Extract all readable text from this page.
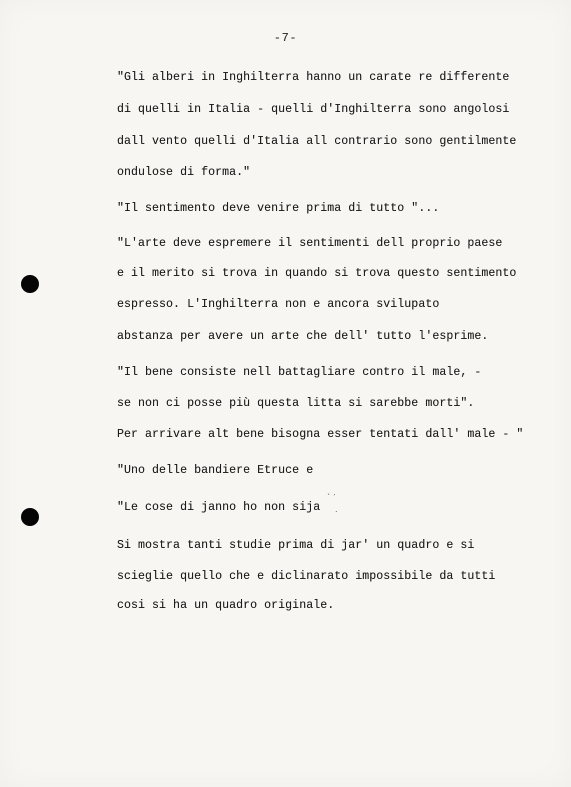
-7-
"Gli alberi in Inghilterra hanno un carate re differente
di quelli in Italia - quelli d'Inghilterra sono angolosi
dall vento quelli d'Italia all contrario sono gentilmente
ondulose di forma."
"Il sentimento deve venire prima di tutto "...
"L'arte deve espremere il sentimenti dell proprio paese
e il merito si trova in quando si trova questo sentimento
espresso. L'Inghilterra non e ancora svilupato
abstanza per avere un arte che dell' tutto l'esprime.
"Il bene consiste nell battagliare contro il male, -
se non ci posse più questa litta si sarebbe morti".
Per arrivare alt bene bisogna esser tentati dall' male - "
"Uno delle bandiere Etruce e
"Le cose di janno ho non sija
Si mostra tanti studie prima di jar' un quadro e si
scieglie quello che e diclinarato impossibile da tutti
cosi si ha un quadro originale.
` ′
.
